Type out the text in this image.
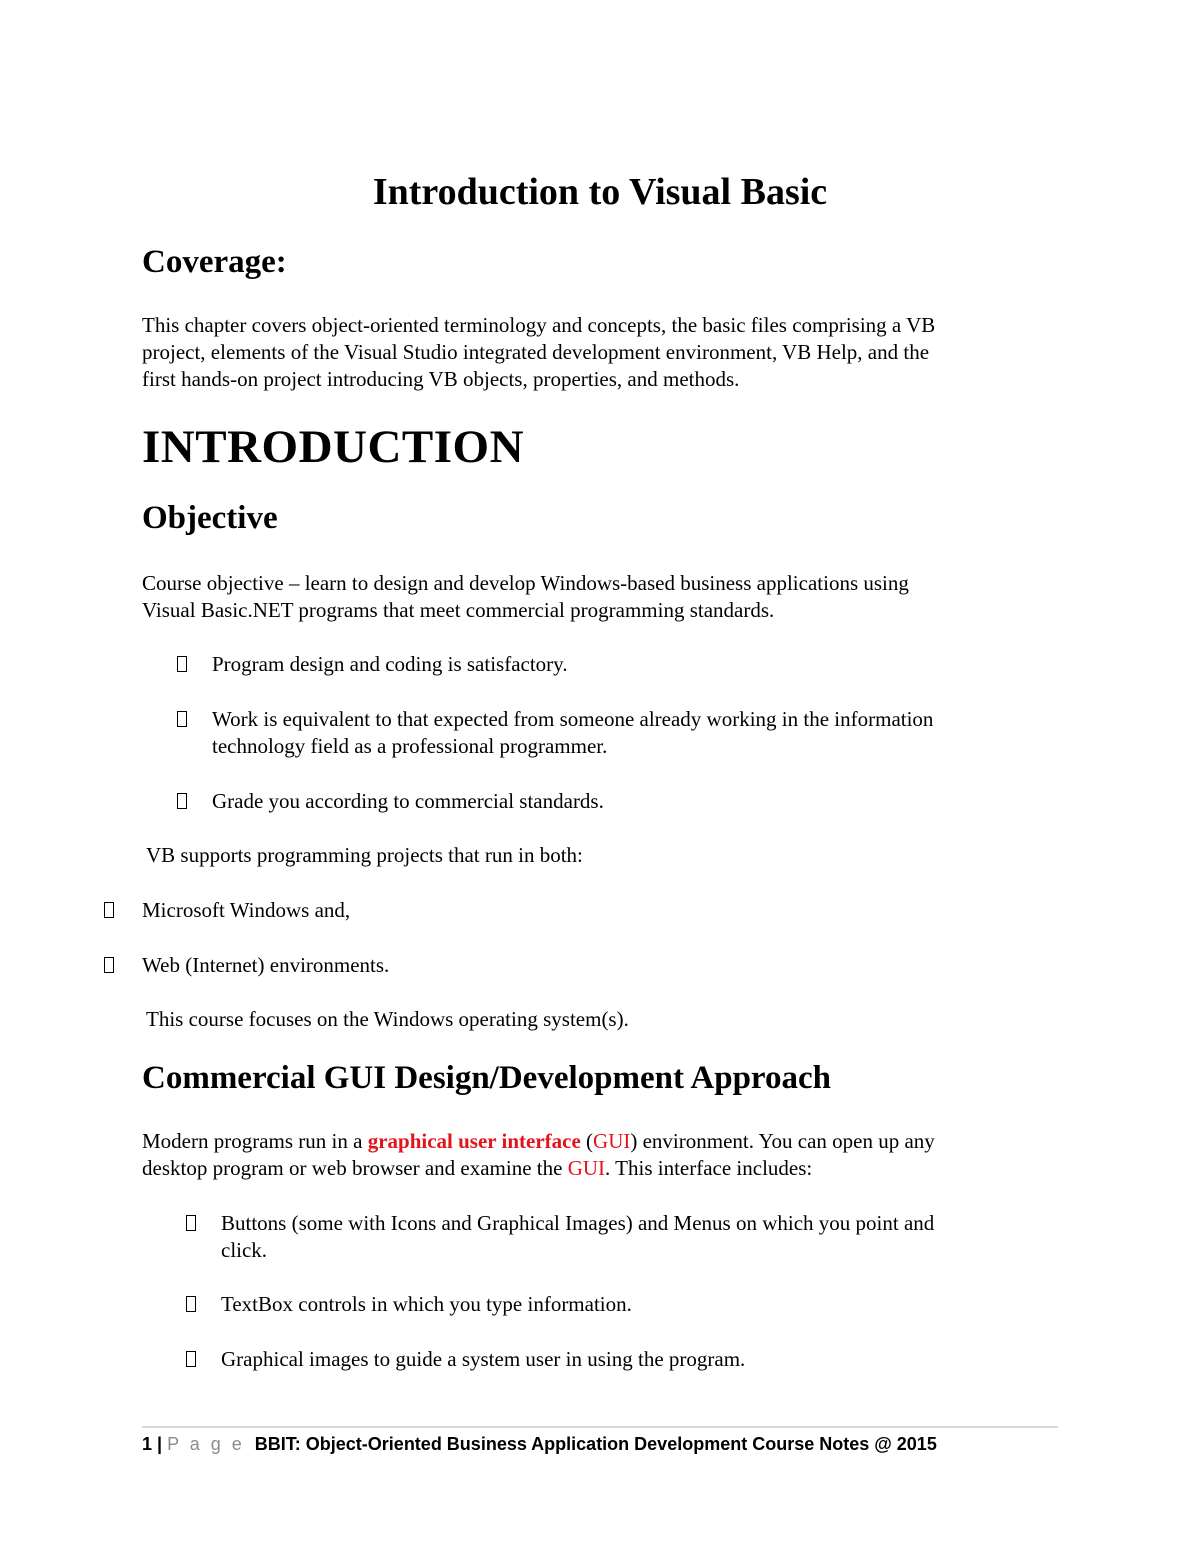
Introduction to Visual Basic
Coverage:
This chapter covers object-oriented terminology and concepts, the basic files comprising a VB
project, elements of the Visual Studio integrated development environment, VB Help, and the
first hands-on project introducing VB objects, properties, and methods.
INTRODUCTION
Objective
Course objective – learn to design and develop Windows-based business applications using
Visual Basic.NET programs that meet commercial programming standards.
Program design and coding is satisfactory.
Work is equivalent to that expected from someone already working in the information
technology field as a professional programmer.
Grade you according to commercial standards.
VB supports programming projects that run in both:
Microsoft Windows and,
Web (Internet) environments.
This course focuses on the Windows operating system(s).
Commercial GUI Design/Development Approach
Modern programs run in a graphical user interface (GUI) environment. You can open up any
desktop program or web browser and examine the GUI. This interface includes:
Buttons (some with Icons and Graphical Images) and Menus on which you point and
click.
TextBox controls in which you type information.
Graphical images to guide a system user in using the program.
1 | P a g e BBIT: Object-Oriented Business Application Development Course Notes @ 2015
